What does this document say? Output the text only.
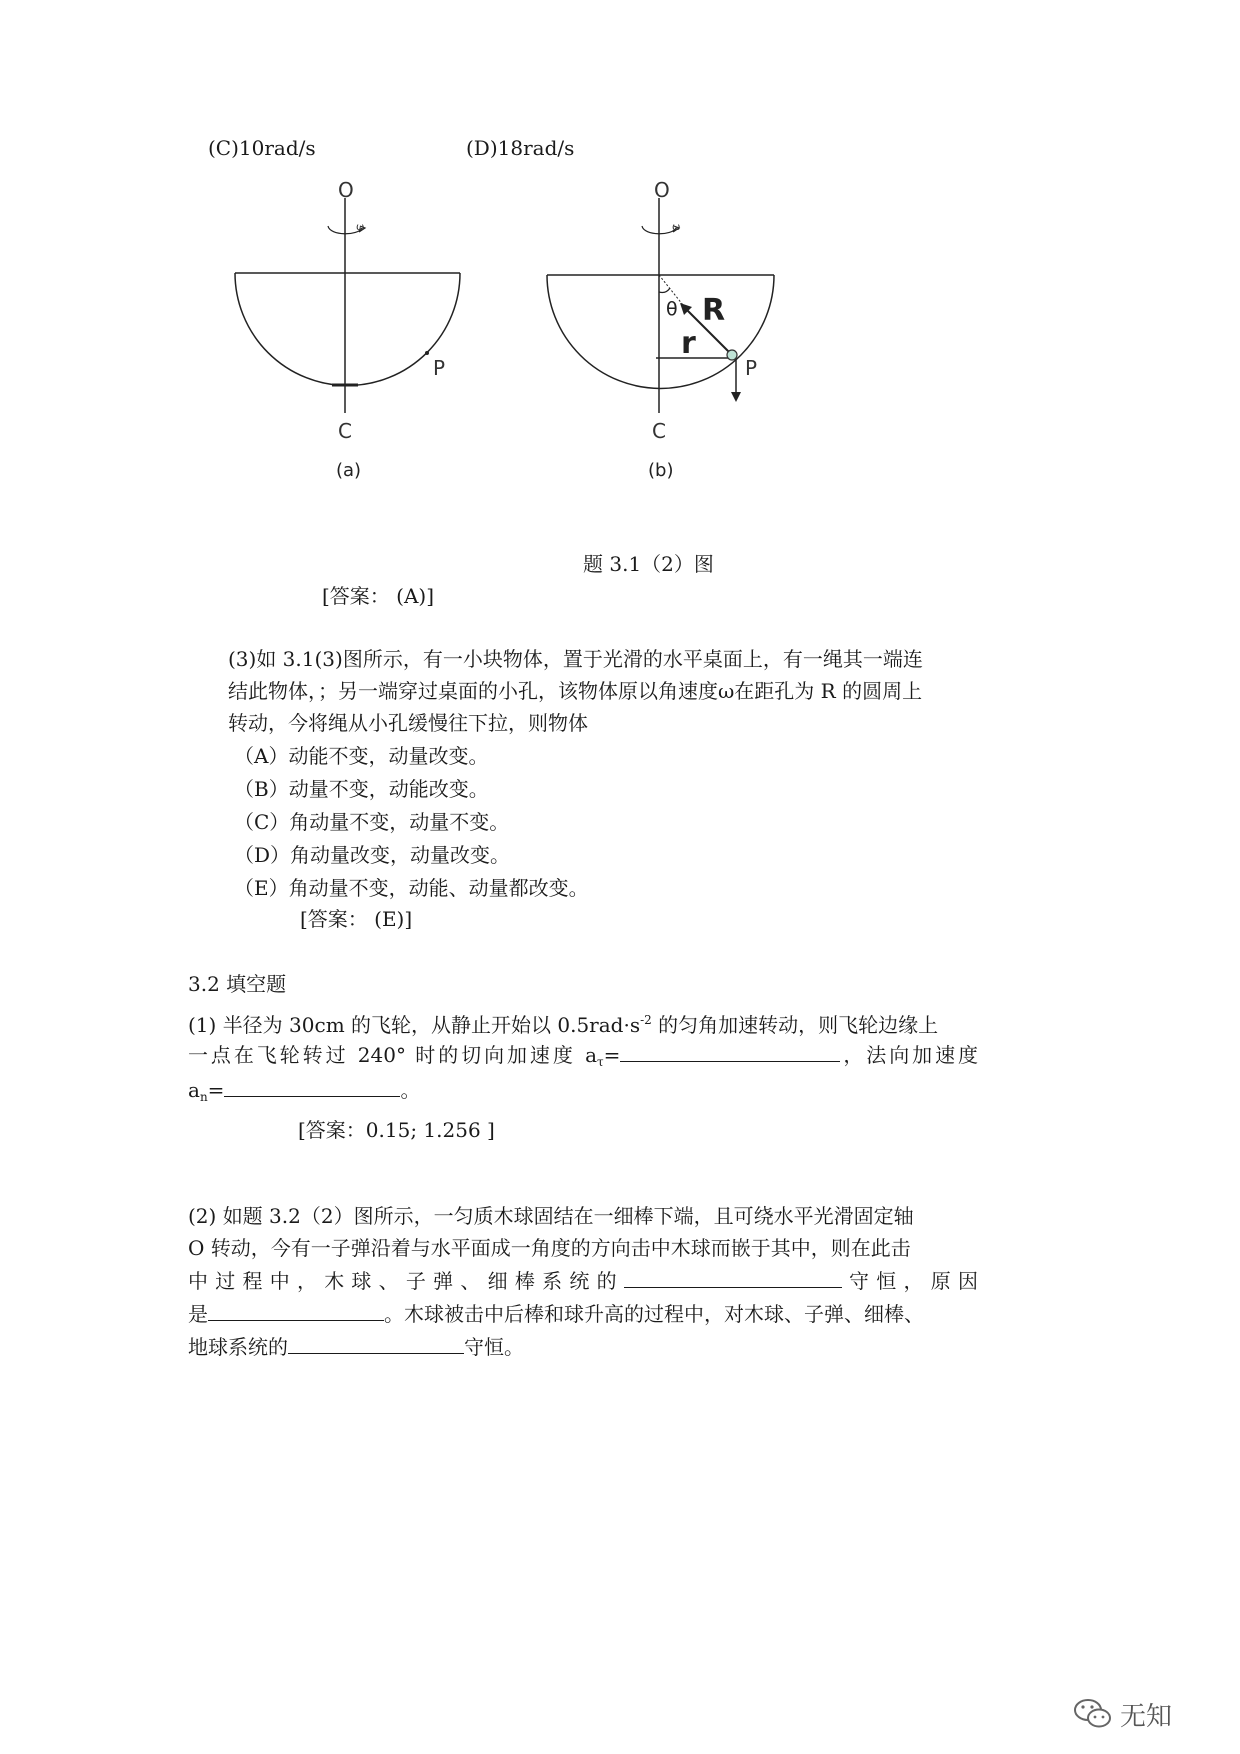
(C)10rad/s	(D)18rad/s
O
ω
P
C
(a)
O
ω
θ R
r
P
C
(b)
题 3.1（2）图
[答案： (A)]
(3)如 3.1(3)图所示，有一小块物体，置于光滑的水平桌面上，有一绳其一端连
结此物体，；另一端穿过桌面的小孔，该物体原以角速度ω在距孔为 R 的圆周上
转动，今将绳从小孔缓慢往下拉，则物体
（A）动能不变，动量改变。
（B）动量不变，动能改变。
（C）角动量不变，动量不变。
（D）角动量改变，动量改变。
（E）角动量不变，动能、动量都改变。
[答案： (E)]
3.2 填空题
(1) 半径为 30cm 的飞轮，从静止开始以 $0.5rad\cdot s^{-2}$ 的匀角加速转动，则飞轮边缘上
一点在飞轮转过 240° 时的切向加速度 $a_\tau=$	，法向加速度
$a_n=$	。
[答案：0.15; 1.256 ]
(2) 如题 3.2（2）图所示，一匀质木球固结在一细棒下端，且可绕水平光滑固定轴
O 转动，今有一子弹沿着与水平面成一角度的方向击中木球而嵌于其中，则在此击
中过程中，木球、子弹、细棒系统的	守恒，原因
是	。木球被击中后棒和球升高的过程中，对木球、子弹、细棒、
地球系统的	守恒。
无知
